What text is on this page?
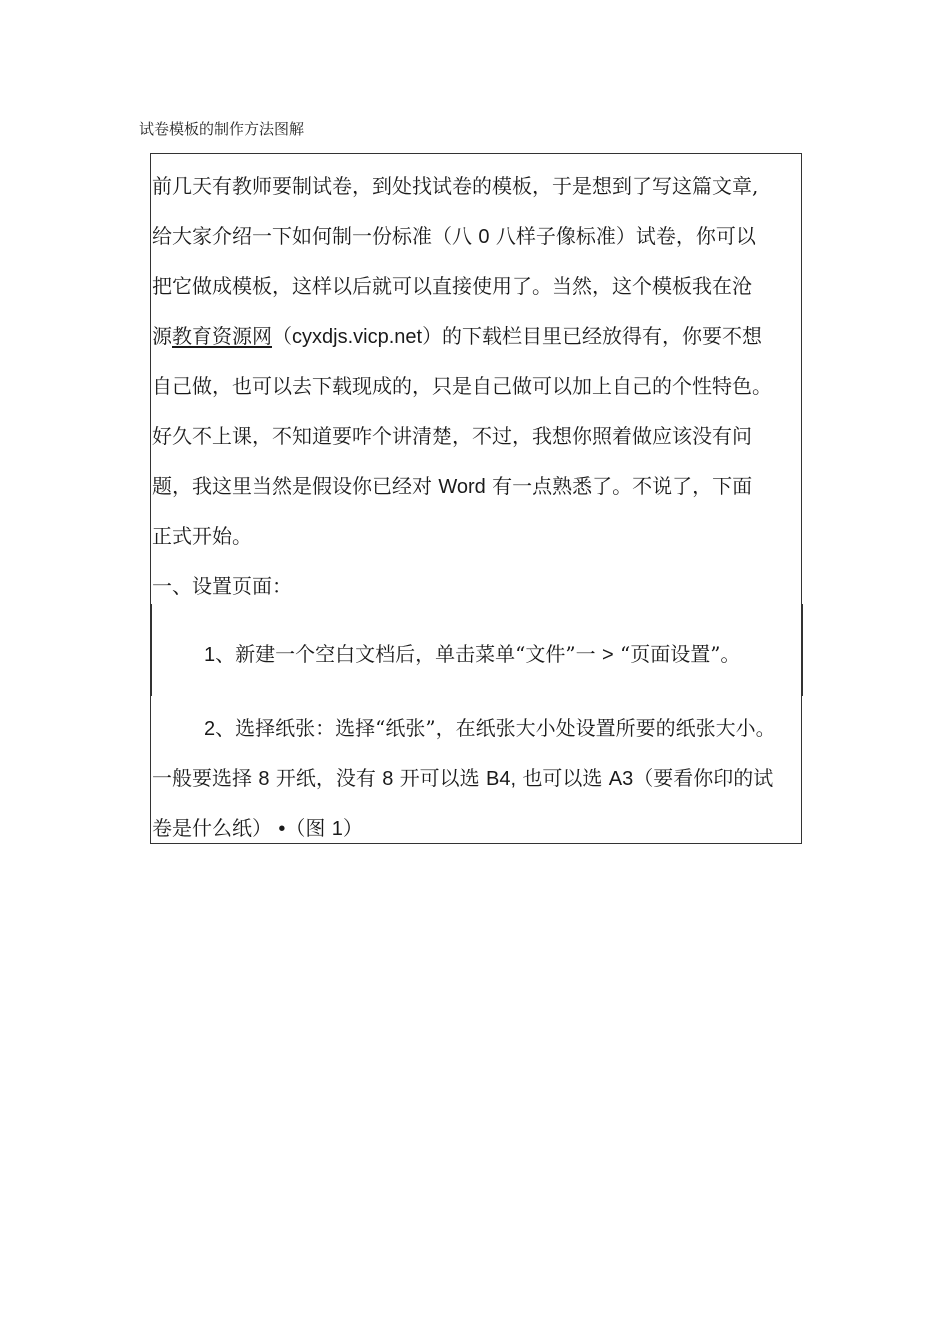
试卷模板的制作方法图解
前几天有教师要制试卷，到处找试卷的模板，于是想到了写这篇文章,
给大家介绍一下如何制一份标准（八 0 八样子像标准）试卷，你可以
把它做成模板，这样以后就可以直接使用了。当然，这个模板我在沧
源教育资源网（cyxdjs.vicp.net）的下载栏目里已经放得有，你要不想
自己做，也可以去下载现成的，只是自己做可以加上自己的个性特色。
好久不上课，不知道要咋个讲清楚，不过，我想你照着做应该没有问
题，我这里当然是假设你已经对 Word 有一点熟悉了。不说了，下面
正式开始。
一、设置页面：
1、新建一个空白文档后，单击菜单“文件”一 > “页面设置”。
2、选择纸张：选择“纸张”，在纸张大小处设置所要的纸张大小。
一般要选择 8 开纸，没有 8 开可以选 B4, 也可以选 A3（要看你印的试
卷是什么纸） •（图 1）
